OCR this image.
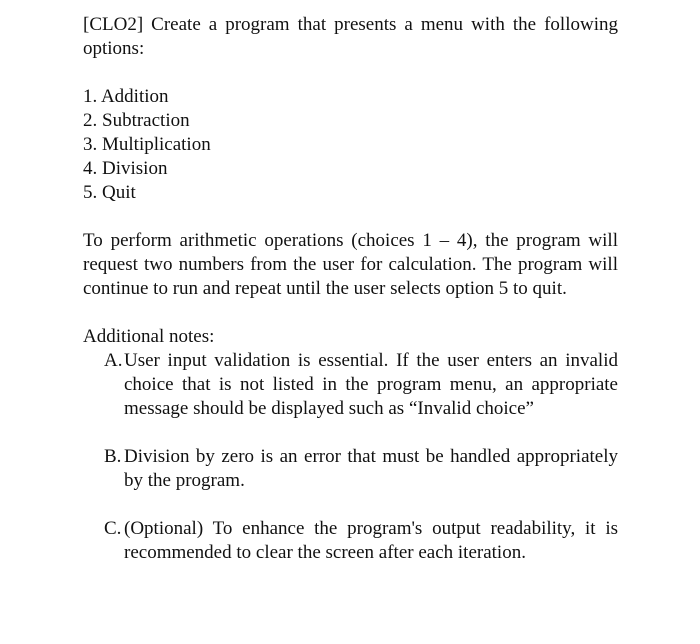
[CLO2] Create a program that presents a menu with the following options:

1. Addition
2. Subtraction
3. Multiplication
4. Division
5. Quit

To perform arithmetic operations (choices 1 – 4), the program will request two numbers from the user for calculation. The program will continue to run and repeat until the user selects option 5 to quit.

Additional notes:

A. User input validation is essential. If the user enters an invalid choice that is not listed in the program menu, an appropriate message should be displayed such as “Invalid choice”
B. Division by zero is an error that must be handled appropriately by the program.
C. (Optional) To enhance the program's output readability, it is recommended to clear the screen after each iteration.
